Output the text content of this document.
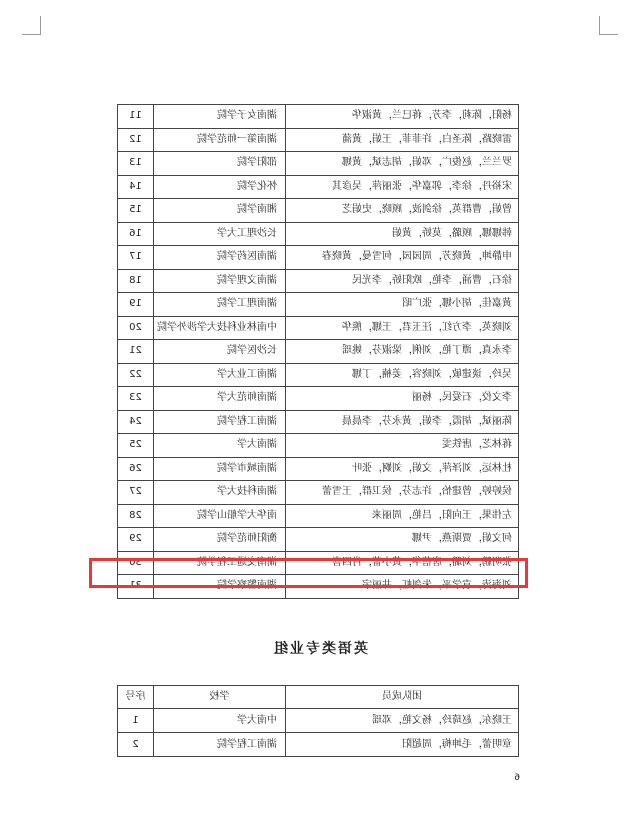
杨阳，陈莉，李芳，蒋巳兰，黄淑华	湖南女子学院	11
雷晓路，陈圣白，许菲菲，王娟，黄蒲	湖南第一师范学院	12
罗兰兰，赵俊广，邓娟，胡志斌，黄娜	邵阳学院	13
宋裕丹，徐李，郭嘉华，张丽萍，吴彦其	怀化学院	14
曾娟，曹群英，徐剑波，顾晓，史娟芝	湘南学院	15
韩娜娜，顾璐，莫娇，黄娟	长沙理工大学	16
申静坤，黄晓芳，周园园，何雪曼，黄晓春	湖南医药学院	17
徐石，曹涌，李艳，欧阳娇，李光民	湖南文理学院	18
黄嘉佳，胡小娜，张广昭	湖南理工学院	19
刘晓英，李方红，汪玉君，王娜，熊华	中南林业科技大学涉外学院	20
李永真，谭丁艳，刘俐，梁淑芬，姚瑶	长沙医学院	21
吴玲，谈建敏，刘晓容，姜楠，丁娜	湖南工业大学	22
李文佼，石爱民，杨丽	湖南师范大学	23
陈丽斌，胡霞，李娟，黄永芬，李晨晨	湖南工程学院	24
蒋林芝，唐铁雯	湖南大学	25
杜林运，刘泽萍，文娟，刘婀，张叶	湖南城市学院	26
侯婷婷，曾建怡，许志芬，侯卫群，王雪蕾	湖南科技大学	27
左伟果，王向阳，吕艳，周丽来	南华大学船山学院	28
何文娟，贾斯燕，尹娜	衡阳师范学院	29
张明鹏，刘璐，唐蓓华，黄小蕾，肖四喜	湖南交通工程学院	30
刘海涛，袁学平，朱剑虹，井丽宇	湖南警察学院	31
英语类专业组
团队成员	学校	序号
王晓东，赵琦玲，杨文艳，邓瑶	中南大学	1
章明蕾，毛坤梅，周超阳	湖南工程学院	2
6
